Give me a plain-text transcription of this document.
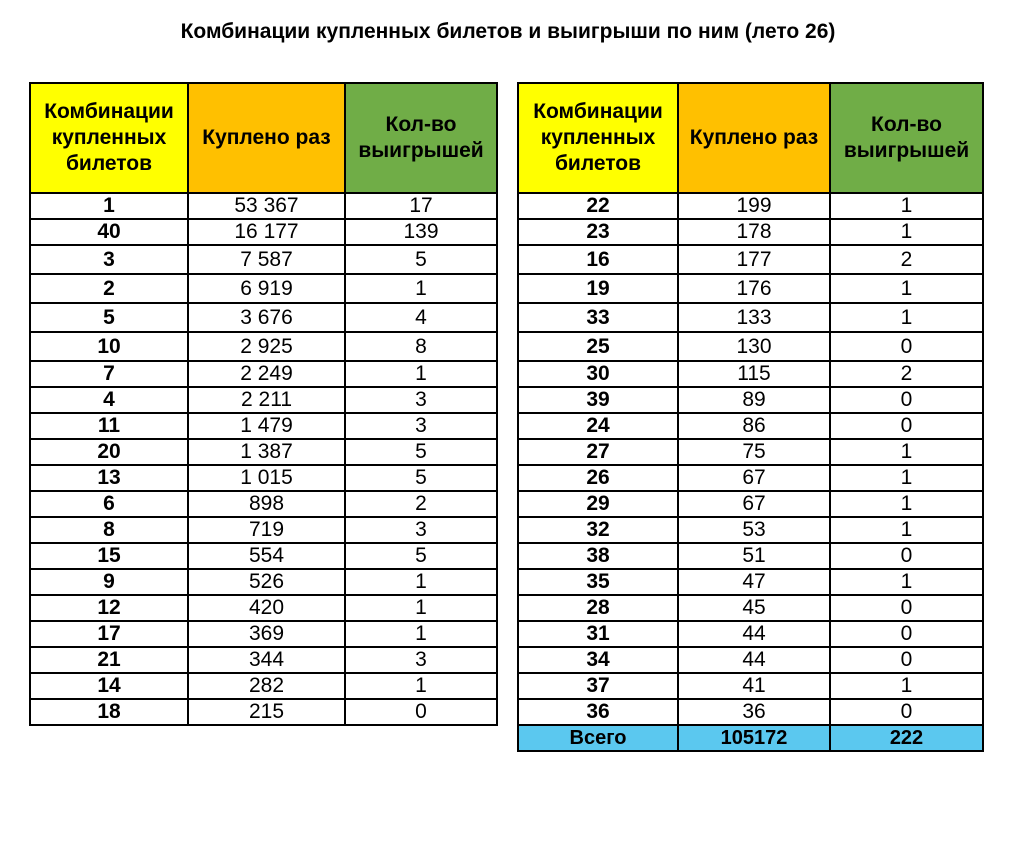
Комбинации купленных билетов и выигрыши по ним (лето 26)
Комбинации купленных билетов	Куплено раз	Кол-во выигрышей
1	53 367	17
40	16 177	139
3	7 587	5
2	6 919	1
5	3 676	4
10	2 925	8
7	2 249	1
4	2 211	3
11	1 479	3
20	1 387	5
13	1 015	5
6	898	2
8	719	3
15	554	5
9	526	1
12	420	1
17	369	1
21	344	3
14	282	1
18	215	0
Комбинации купленных билетов	Куплено раз	Кол-во выигрышей
22	199	1
23	178	1
16	177	2
19	176	1
33	133	1
25	130	0
30	115	2
39	89	0
24	86	0
27	75	1
26	67	1
29	67	1
32	53	1
38	51	0
35	47	1
28	45	0
31	44	0
34	44	0
37	41	1
36	36	0
Всего	105172	222
